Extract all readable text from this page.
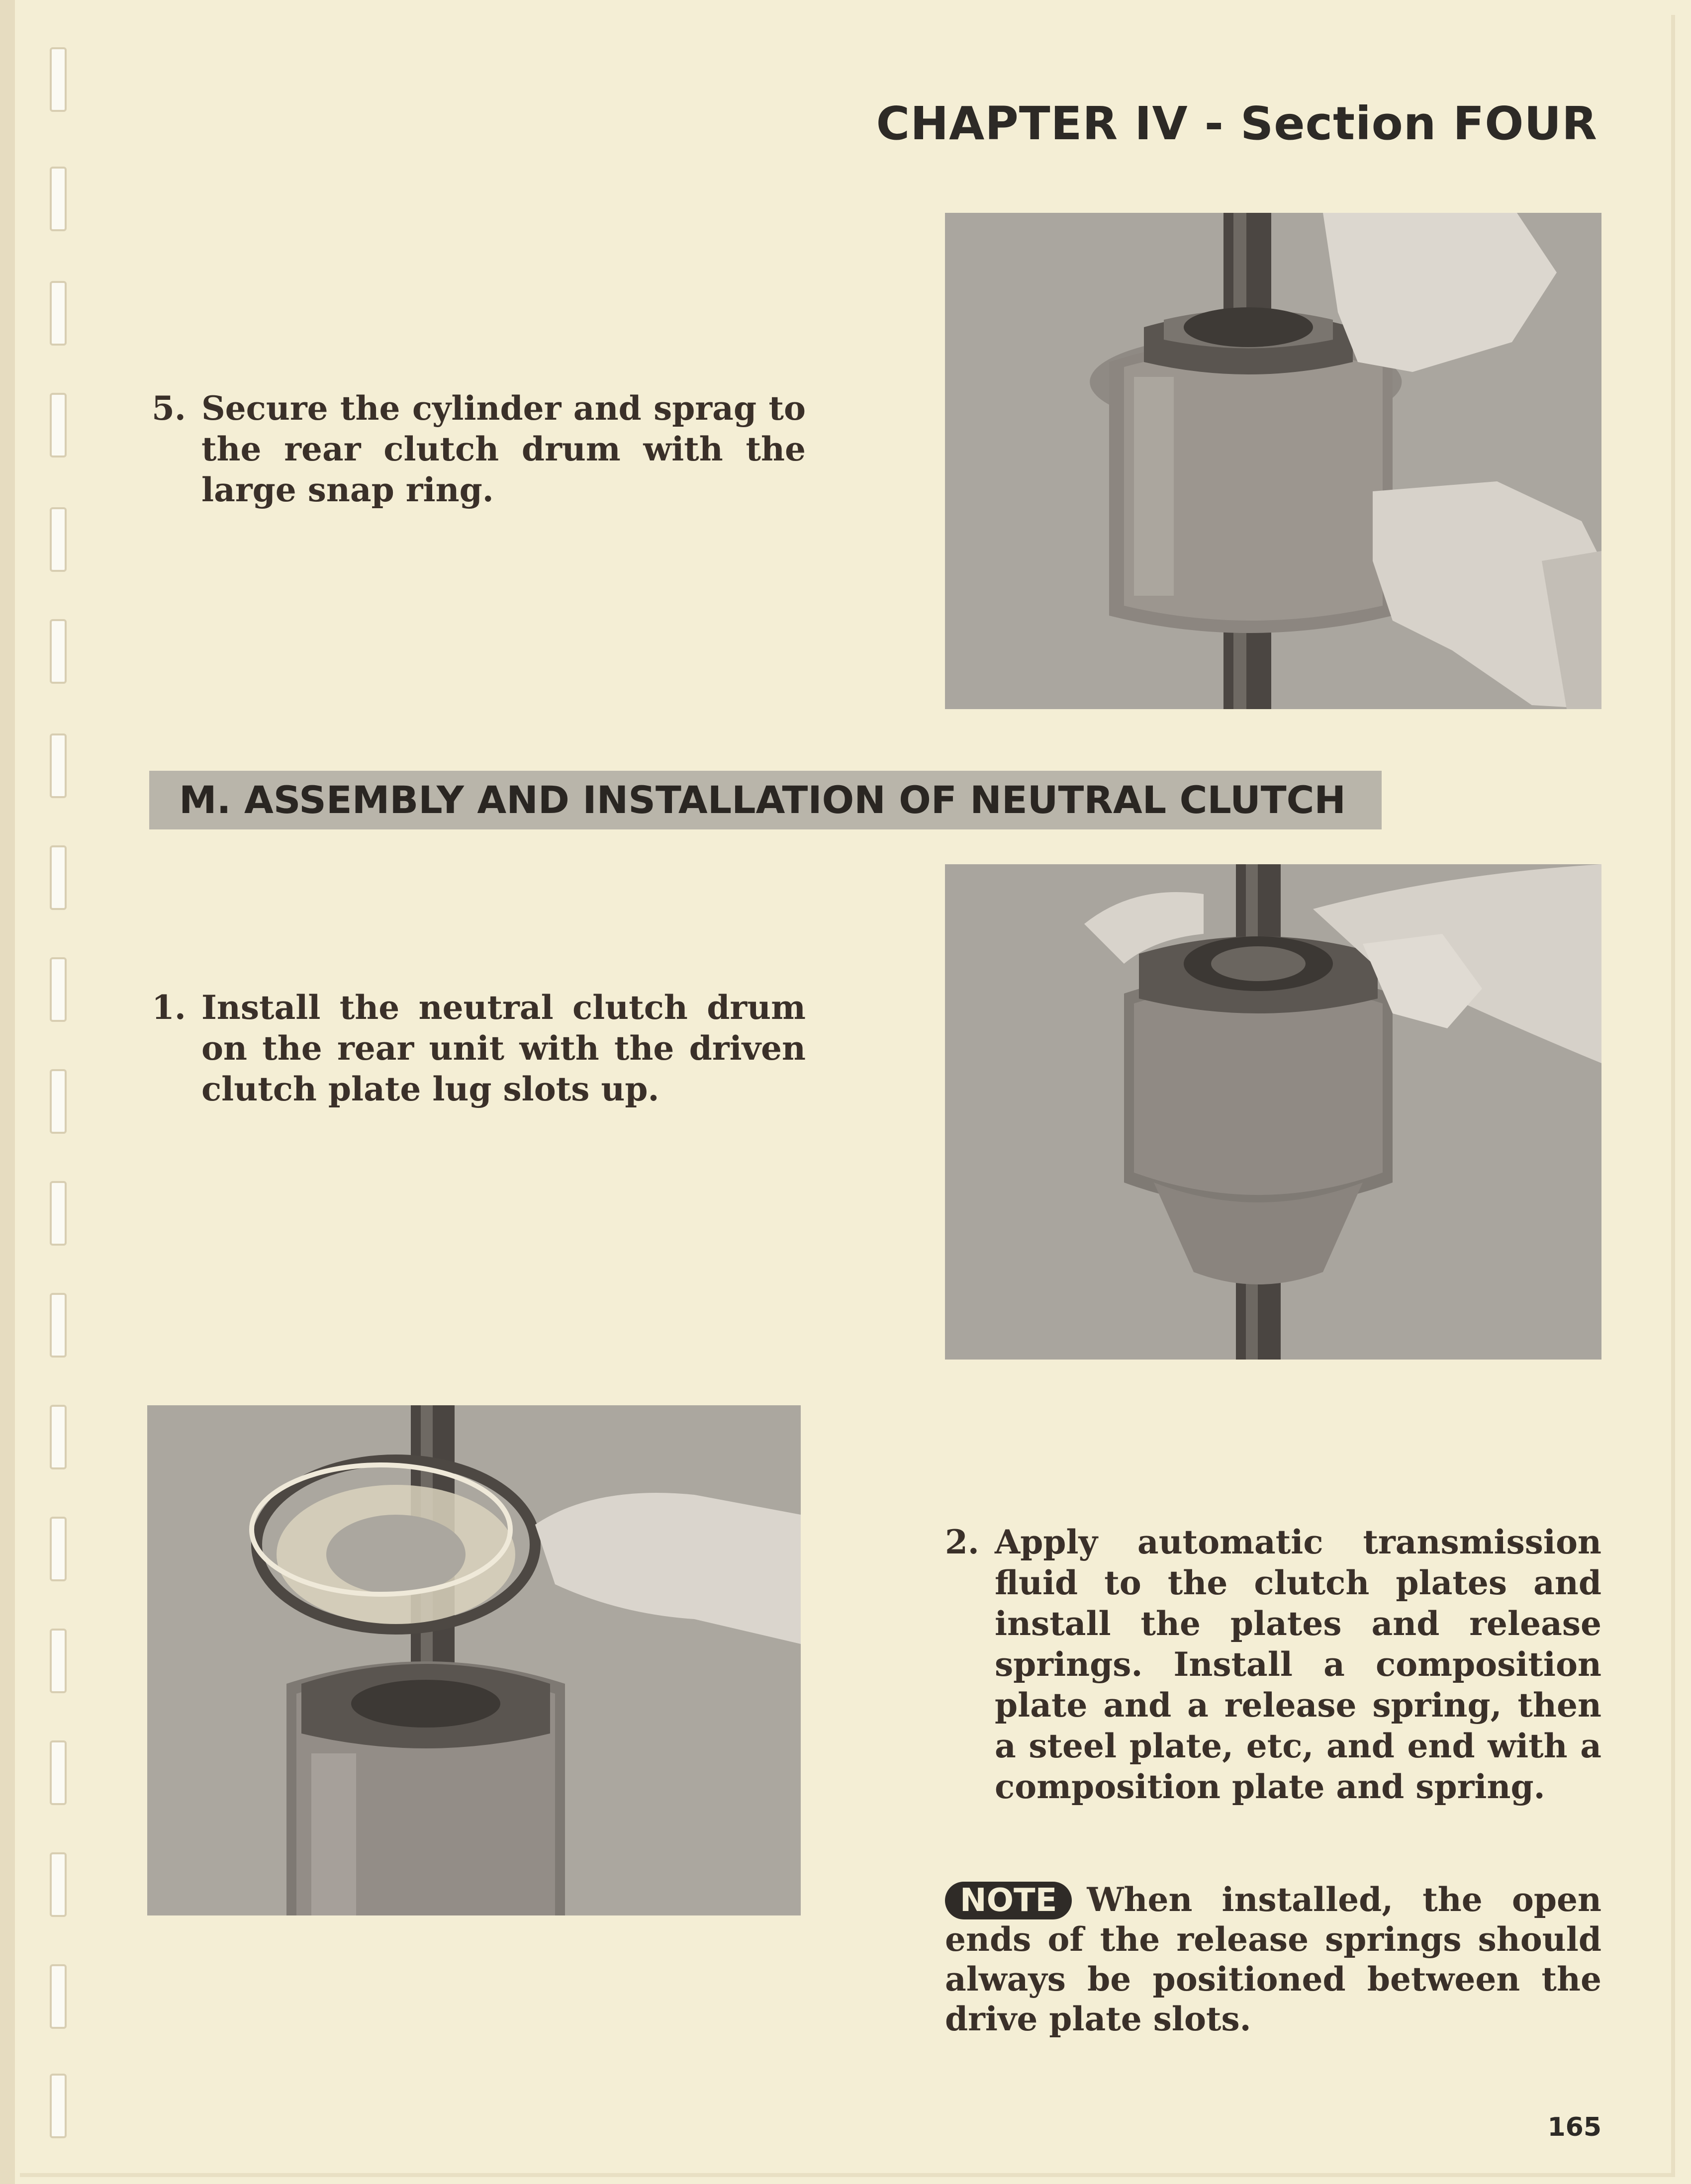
CHAPTER IV - Section FOUR
5. Secure the cylinder and sprag to the rear clutch drum with the large snap ring.
M. ASSEMBLY AND INSTALLATION OF NEUTRAL CLUTCH
1. Install the neutral clutch drum on the rear unit with the driven clutch plate lug slots up.
2. Apply automatic transmission fluid to the clutch plates and install the plates and release springs. Install a composition plate and a release spring, then a steel plate, etc, and end with a composition plate and spring.
NOTE When installed, the open ends of the release springs should always be positioned between the drive plate slots.
165
